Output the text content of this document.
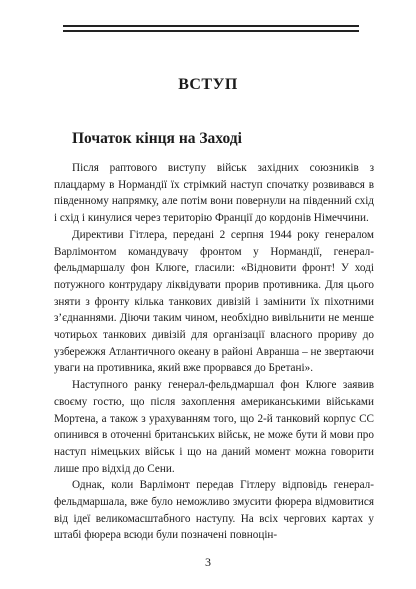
ВСТУП
Початок кінця на Заході

Після раптового виступу військ західних союзників з плацдарму в Нормандії їх стрімкий наступ спочатку розвивався в південному напрямку, але потім вони повернули на південний схід і схід і кинулися через територію Франції до кордонів Німеччини.

Директиви Гітлера, передані 2 серпня 1944 року генералом Варлімонтом командувачу фронтом у Нормандії, генерал-фельдмаршалу фон Клюге, гласили: «Відновити фронт! У ході потужного контрудару ліквідувати прорив противника. Для цього зняти з фронту кілька танкових дивізій і замінити їх піхотними з’єднаннями. Діючи таким чином, необхідно вивільнити не менше чотирьох танкових дивізій для організації власного прориву до узбережжя Атлантичного океану в районі Авранша – не звертаючи уваги на противника, який вже прорвався до Бретані».

Наступного ранку генерал-фельдмаршал фон Клюге заявив своєму гостю, що після захоплення американськими військами Мортена, а також з урахуванням того, що 2-й танковий корпус СС опинився в оточенні британських військ, не може бути й мови про наступ німецьких військ і що на даний момент можна говорити лише про відхід до Сени.

Однак, коли Варлімонт передав Гітлеру відповідь генерал-фельдмаршала, вже було неможливо змусити фюрера відмовитися від ідеї великомасштабного наступу. На всіх чергових картах у штабі фюрера всюди були позначені повноцін-

3
